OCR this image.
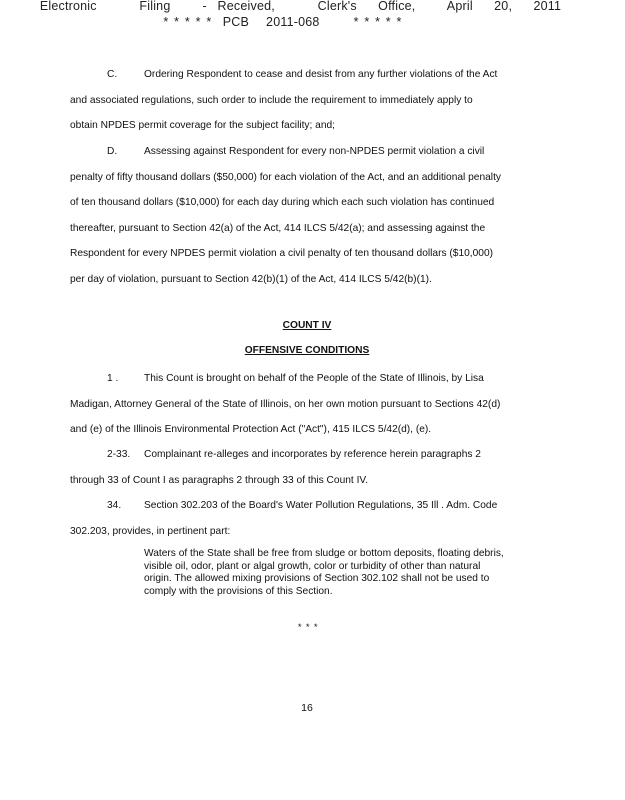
Electronic    Filing   - Received,    Clerk's  Office,   April  20,  2011
* * * * *  PCB   2011-068      * * * * *
C.	Ordering Respondent to cease and desist from any further violations of the Act
and associated regulations, such order to include the requirement to immediately apply to
obtain NPDES permit coverage for the subject facility; and;
D.	Assessing against Respondent for every non-NPDES permit violation a civil
penalty of fifty thousand dollars ($50,000) for each violation of the Act, and an additional penalty
of ten thousand dollars ($10,000) for each day during which each such violation has continued
thereafter, pursuant to Section 42(a) of the Act, 414 ILCS 5/42(a); and assessing against the
Respondent for every NPDES permit violation a civil penalty of ten thousand dollars ($10,000)
per day of violation, pursuant to Section 42(b)(1) of the Act, 414 ILCS 5/42(b)(1).
COUNT IV
OFFENSIVE CONDITIONS
1 .	This Count is brought on behalf of the People of the State of Illinois, by Lisa
Madigan, Attorney General of the State of Illinois, on her own motion pursuant to Sections 42(d)
and (e) of the Illinois Environmental Protection Act ("Act"), 415 ILCS 5/42(d), (e).
2-33. Complainant re-alleges and incorporates by reference herein paragraphs 2
through 33 of Count I as paragraphs 2 through 33 of this Count IV.
34. Section 302.203 of the Board's Water Pollution Regulations, 35 Ill . Adm. Code
302.203, provides, in pertinent part:
Waters of the State shall be free from sludge or bottom deposits, floating debris,
visible oil, odor, plant or algal growth, color or turbidity of other than natural
origin. The allowed mixing provisions of Section 302.102 shall not be used to
comply with the provisions of this Section.
* * *
16
